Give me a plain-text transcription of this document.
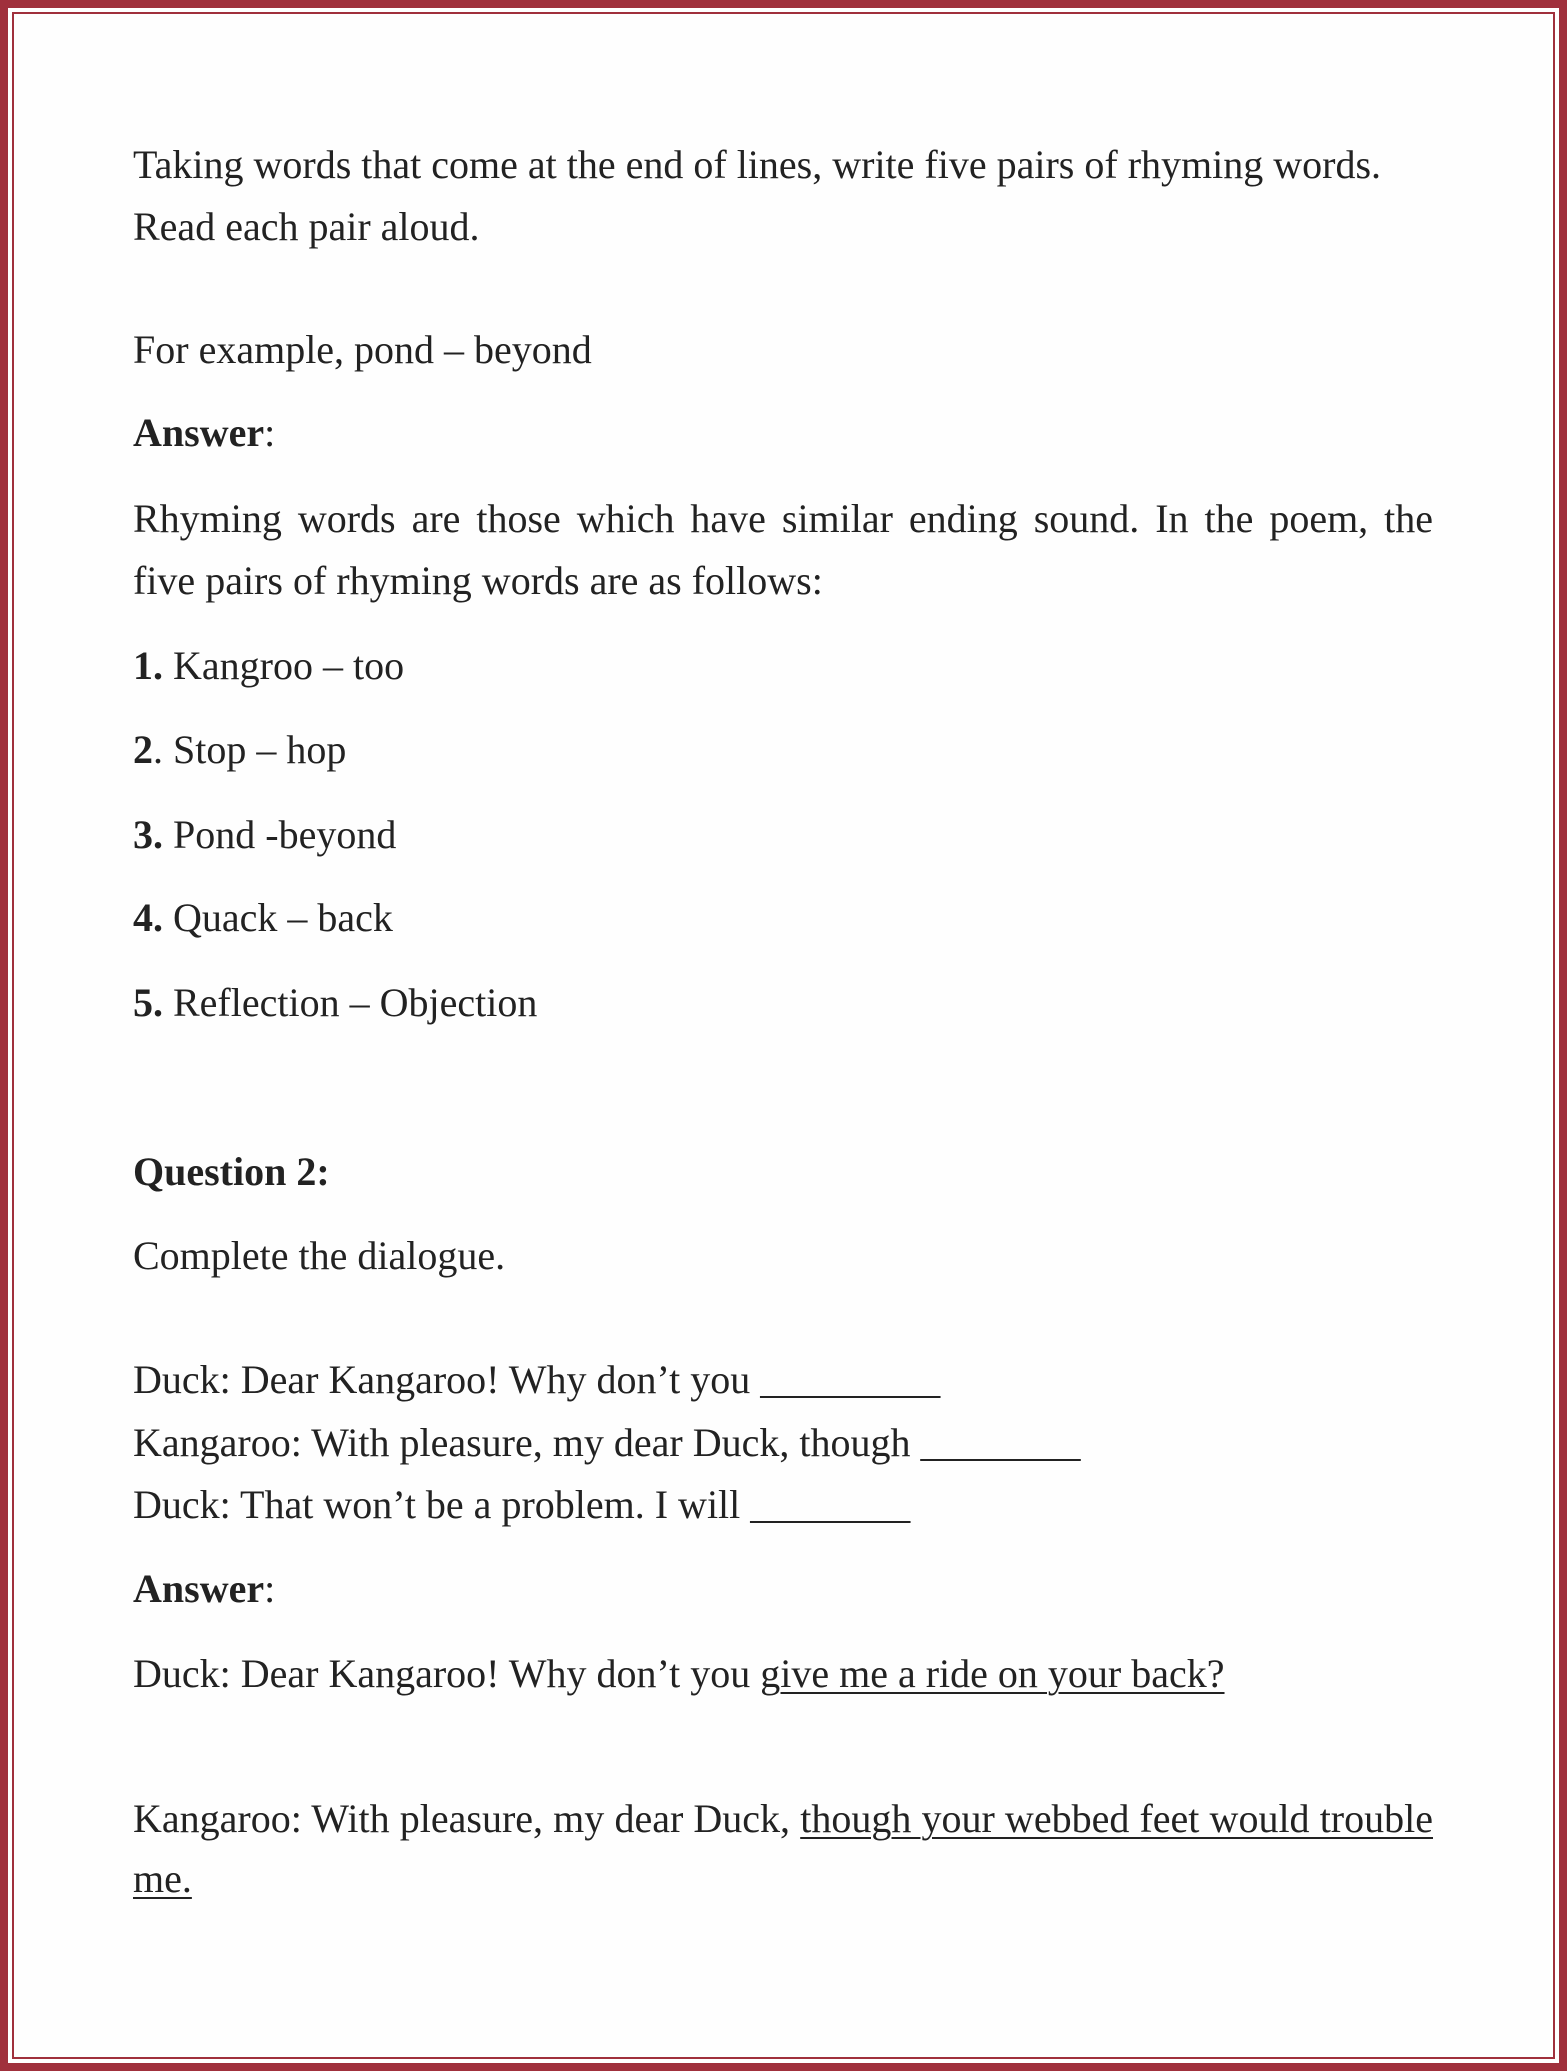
Taking words that come at the end of lines, write five pairs of rhyming words. Read each pair aloud.

For example, pond – beyond

Answer:

Rhyming words are those which have similar ending sound. In the poem, the five pairs of rhyming words are as follows:

1. Kangroo – too

2. Stop – hop

3. Pond -beyond

4. Quack – back

5. Reflection – Objection

Question 2:

Complete the dialogue.

Duck: Dear Kangaroo! Why don’t you _________

Kangaroo: With pleasure, my dear Duck, though ________

Duck: That won’t be a problem. I will ________

Answer:

Duck: Dear Kangaroo! Why don’t you give me a ride on your back?

Kangaroo: With pleasure, my dear Duck, though your webbed feet would trouble me.
